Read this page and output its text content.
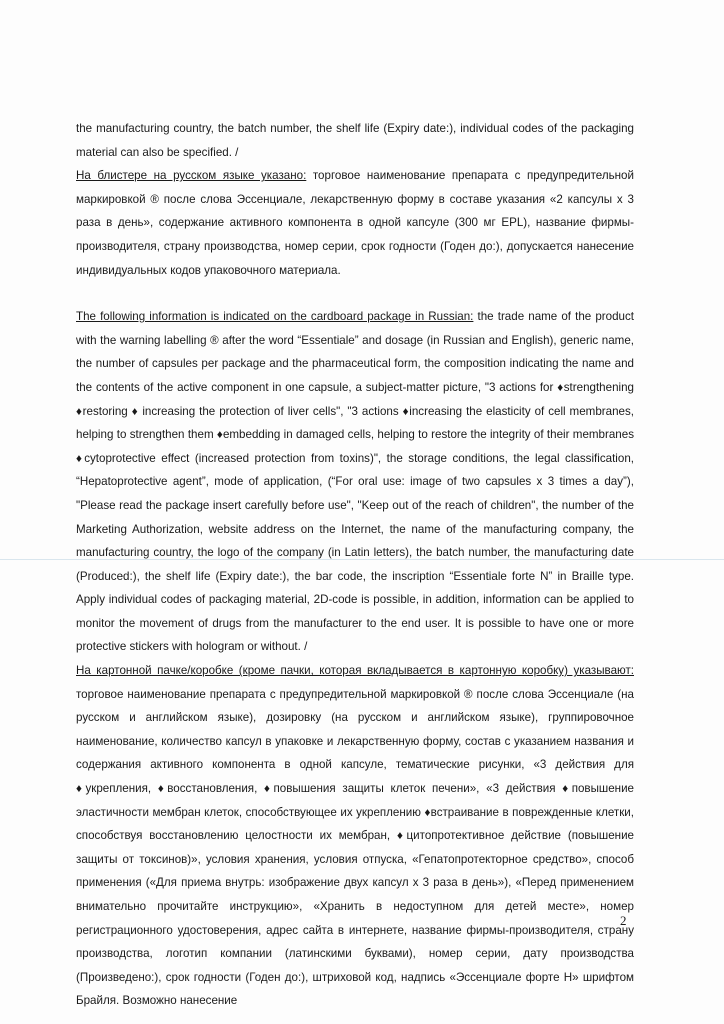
the manufacturing country, the batch number, the shelf life (Expiry date:), individual codes of the packaging material can also be specified. /

На блистере на русском языке указано: торговое наименование препарата с предупредительной маркировкой ® после слова Эссенциале, лекарственную форму в составе указания «2 капсулы х 3 раза в день», содержание активного компонента в одной капсуле (300 мг EPL), название фирмы-производителя, страну производства, номер серии, срок годности (Годен до:), допускается нанесение индивидуальных кодов упаковочного материала.

The following information is indicated on the cardboard package in Russian: the trade name of the product with the warning labelling ® after the word “Essentiale” and dosage (in Russian and English), generic name, the number of capsules per package and the pharmaceutical form, the composition indicating the name and the contents of the active component in one capsule, a subject-matter picture, "3 actions for ♦strengthening ♦restoring ♦ increasing the protection of liver cells", "3 actions ♦increasing the elasticity of cell membranes, helping to strengthen them ♦embedding in damaged cells, helping to restore the integrity of their membranes ♦cytoprotective effect (increased protection from toxins)", the storage conditions, the legal classification, “Hepatoprotective agent”, mode of application, (“For oral use: image of two capsules x 3 times a day”), "Please read the package insert carefully before use", "Keep out of the reach of children", the number of the Marketing Authorization, website address on the Internet, the name of the manufacturing company, the manufacturing country, the logo of the company (in Latin letters), the batch number, the manufacturing date (Produced:), the shelf life (Expiry date:), the bar code, the inscription “Essentiale forte N” in Braille type. Apply individual codes of packaging material, 2D-code is possible, in addition, information can be applied to monitor the movement of drugs from the manufacturer to the end user. It is possible to have one or more protective stickers with hologram or without. /

На картонной пачке/коробке (кроме пачки, которая вкладывается в картонную коробку) указывают: торговое наименование препарата с предупредительной маркировкой ® после слова Эссенциале (на русском и английском языке), дозировку (на русском и английском языке), группировочное наименование, количество капсул в упаковке и лекарственную форму, состав с указанием названия и содержания активного компонента в одной капсуле, тематические рисунки, «3 действия для ♦укрепления, ♦восстановления, ♦повышения защиты клеток печени», «3 действия ♦повышение эластичности мембран клеток, способствующее их укреплению ♦встраивание в поврежденные клетки, способствуя восстановлению целостности их мембран, ♦цитопротективное действие (повышение защиты от токсинов)», условия хранения, условия отпуска, «Гепатопротекторное средство», способ применения («Для приема внутрь: изображение двух капсул х 3 раза в день»), «Перед применением внимательно прочитайте инструкцию», «Хранить в недоступном для детей месте», номер регистрационного удостоверения, адрес сайта в интернете, название фирмы-производителя, страну производства, логотип компании (латинскими буквами), номер серии, дату производства (Произведено:), срок годности (Годен до:), штриховой код, надпись «Эссенциале форте Н» шрифтом Брайля. Возможно нанесение

2
